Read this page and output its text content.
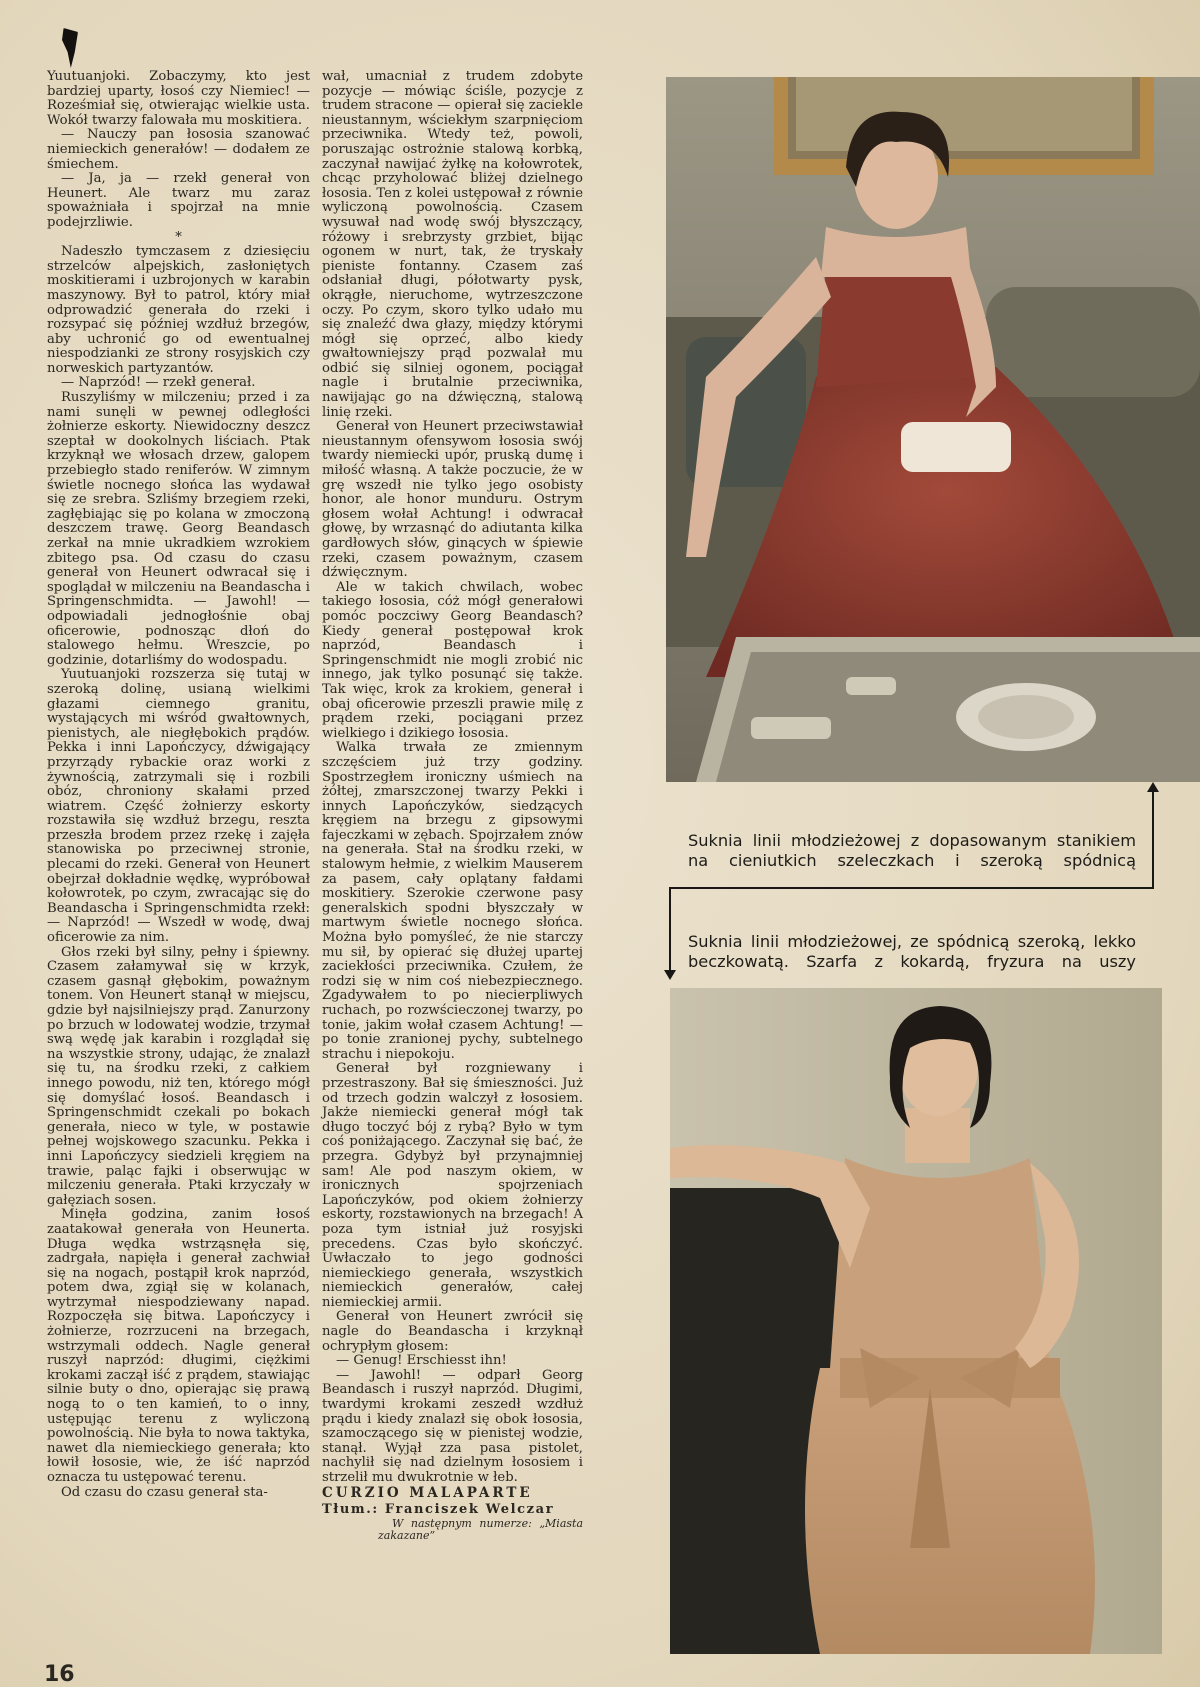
Yuutuanjoki. Zobaczymy, kto jest bardziej uparty, łosoś czy Niemiec! — Roześmiał się, otwierając wielkie usta. Wokół twarzy falowała mu moskitiera.

— Nauczy pan łososia szanować niemieckich generałów! — dodałem ze śmiechem.

— Ja, ja — rzekł generał von Heunert. Ale twarz mu zaraz spoważniała i spojrzał na mnie podejrzliwie.

*

Nadeszło tymczasem z dziesięciu strzelców alpejskich, zasłoniętych moskitierami i uzbrojonych w karabin maszynowy. Był to patrol, który miał odprowadzić generała do rzeki i rozsypać się później wzdłuż brzegów, aby uchronić go od ewentualnej niespodzianki ze strony rosyjskich czy norweskich partyzantów.

— Naprzód! — rzekł generał.

Ruszyliśmy w milczeniu; przed i za nami sunęli w pewnej odległości żołnierze eskorty. Niewidoczny deszcz szeptał w dookolnych liściach. Ptak krzyknął we włosach drzew, galopem przebiegło stado reniferów. W zimnym świetle nocnego słońca las wydawał się ze srebra. Szliśmy brzegiem rzeki, zagłębiając się po kolana w zmoczoną deszczem trawę. Georg Beandasch zerkał na mnie ukradkiem wzrokiem zbitego psa. Od czasu do czasu generał von Heunert odwracał się i spoglądał w milczeniu na Beandascha i Springenschmidta. — Jawohl! — odpowiadali jednogłośnie obaj oficerowie, podnosząc dłoń do stalowego hełmu. Wreszcie, po godzinie, dotarliśmy do wodospadu.

Yuutuanjoki rozszerza się tutaj w szeroką dolinę, usianą wielkimi głazami ciemnego granitu, wystających mi wśród gwałtownych, pienistych, ale niegłębokich prądów. Pekka i inni Lapończycy, dźwigający przyrządy rybackie oraz worki z żywnością, zatrzymali się i rozbili obóz, chroniony skałami przed wiatrem. Część żołnierzy eskorty rozstawiła się wzdłuż brzegu, reszta przeszła brodem przez rzekę i zajęła stanowiska po przeciwnej stronie, plecami do rzeki. Generał von Heunert obejrzał dokładnie wędkę, wypróbował kołowrotek, po czym, zwracając się do Beandascha i Springenschmidta rzekł: — Naprzód! — Wszedł w wodę, dwaj oficerowie za nim.

Głos rzeki był silny, pełny i śpiewny. Czasem załamywał się w krzyk, czasem gasnął głębokim, poważnym tonem. Von Heunert stanął w miejscu, gdzie był najsilniejszy prąd. Zanurzony po brzuch w lodowatej wodzie, trzymał swą wędę jak karabin i rozglądał się na wszystkie strony, udając, że znalazł się tu, na środku rzeki, z całkiem innego powodu, niż ten, którego mógł się domyślać łosoś. Beandasch i Springenschmidt czekali po bokach generała, nieco w tyle, w postawie pełnej wojskowego szacunku. Pekka i inni Lapończycy siedzieli kręgiem na trawie, paląc fajki i obserwując w milczeniu generała. Ptaki krzyczały w gałęziach sosen.

Minęła godzina, zanim łosoś zaatakował generała von Heunerta. Długa wędka wstrząsnęła się, zadrgała, napięła i generał zachwiał się na nogach, postąpił krok naprzód, potem dwa, zgiął się w kolanach, wytrzymał niespodziewany napad. Rozpoczęła się bitwa. Lapończycy i żołnierze, rozrzuceni na brzegach, wstrzymali oddech. Nagle generał ruszył naprzód: długimi, ciężkimi krokami zaczął iść z prądem, stawiając silnie buty o dno, opierając się prawą nogą to o ten kamień, to o inny, ustępując terenu z wyliczoną powolnością. Nie była to nowa taktyka, nawet dla niemieckiego generała; kto łowił łososie, wie, że iść naprzód oznacza tu ustępować terenu.

Od czasu do czasu generał sta-

wał, umacniał z trudem zdobyte pozycje — mówiąc ściśle, pozycje z trudem stracone — opierał się zaciekle nieustannym, wściekłym szarpnięciom przeciwnika. Wtedy też, powoli, poruszając ostrożnie stalową korbką, zaczynał nawijać żyłkę na kołowrotek, chcąc przyholować bliżej dzielnego łososia. Ten z kolei ustępował z równie wyliczoną powolnością. Czasem wysuwał nad wodę swój błyszczący, różowy i srebrzysty grzbiet, bijąc ogonem w nurt, tak, że tryskały pieniste fontanny. Czasem zaś odsłaniał długi, półotwarty pysk, okrągłe, nieruchome, wytrzeszczone oczy. Po czym, skoro tylko udało mu się znaleźć dwa głazy, między którymi mógł się oprzeć, albo kiedy gwałtowniejszy prąd pozwalał mu odbić się silniej ogonem, pociągał nagle i brutalnie przeciwnika, nawijając go na dźwięczną, stalową linię rzeki.

Generał von Heunert przeciwstawiał nieustannym ofensywom łososia swój twardy niemiecki upór, pruską dumę i miłość własną. A także poczucie, że w grę wszedł nie tylko jego osobisty honor, ale honor munduru. Ostrym głosem wołał Achtung! i odwracał głowę, by wrzasnąć do adiutanta kilka gardłowych słów, ginących w śpiewie rzeki, czasem poważnym, czasem dźwięcznym.

Ale w takich chwilach, wobec takiego łososia, cóż mógł generałowi pomóc poczciwy Georg Beandasch? Kiedy generał postępował krok naprzód, Beandasch i Springenschmidt nie mogli zrobić nic innego, jak tylko posunąć się także. Tak więc, krok za krokiem, generał i obaj oficerowie przeszli prawie milę z prądem rzeki, pociągani przez wielkiego i dzikiego łososia.

Walka trwała ze zmiennym szczęściem już trzy godziny. Spostrzegłem ironiczny uśmiech na żółtej, zmarszczonej twarzy Pekki i innych Lapończyków, siedzących kręgiem na brzegu z gipsowymi fajeczkami w zębach. Spojrzałem znów na generała. Stał na środku rzeki, w stalowym hełmie, z wielkim Mauserem za pasem, cały oplątany fałdami moskitiery. Szerokie czerwone pasy generalskich spodni błyszczały w martwym świetle nocnego słońca. Można było pomyśleć, że nie starczy mu sił, by opierać się dłużej upartej zaciekłości przeciwnika. Czułem, że rodzi się w nim coś niebezpiecznego. Zgadywałem to po niecierpliwych ruchach, po rozwścieczonej twarzy, po tonie, jakim wołał czasem Achtung! — po tonie zranionej pychy, subtelnego strachu i niepokoju.

Generał był rozgniewany i przestraszony. Bał się śmieszności. Już od trzech godzin walczył z łososiem. Jakże niemiecki generał mógł tak długo toczyć bój z rybą? Było w tym coś poniżającego. Zaczynał się bać, że przegra. Gdybyż był przynajmniej sam! Ale pod naszym okiem, w ironicznych spojrzeniach Lapończyków, pod okiem żołnierzy eskorty, rozstawionych na brzegach! A poza tym istniał już rosyjski precedens. Czas było skończyć. Uwłaczało to jego godności niemieckiego generała, wszystkich niemieckich generałów, całej niemieckiej armii.

Generał von Heunert zwrócił się nagle do Beandascha i krzyknął ochrypłym głosem:

— Genug! Erschiesst ihn!

— Jawohl! — odparł Georg Beandasch i ruszył naprzód. Długimi, twardymi krokami zeszedł wzdłuż prądu i kiedy znalazł się obok łososia, szamoczącego się w pienistej wodzie, stanął. Wyjął zza pasa pistolet, nachylił się nad dzielnym łososiem i strzelił mu dwukrotnie w łeb.

CURZIO MALAPARTE

Tłum.: Franciszek Welczar

W następnym numerze: „Miasta zakazane”

Suknia linii młodzieżowej z dopasowanym stanikiem na cieniutkich szeleczkach i szeroką spódnicą

Suknia linii młodzieżowej, ze spódnicą szeroką, lekko beczkowatą. Szarfa z kokardą, fryzura na uszy

16
